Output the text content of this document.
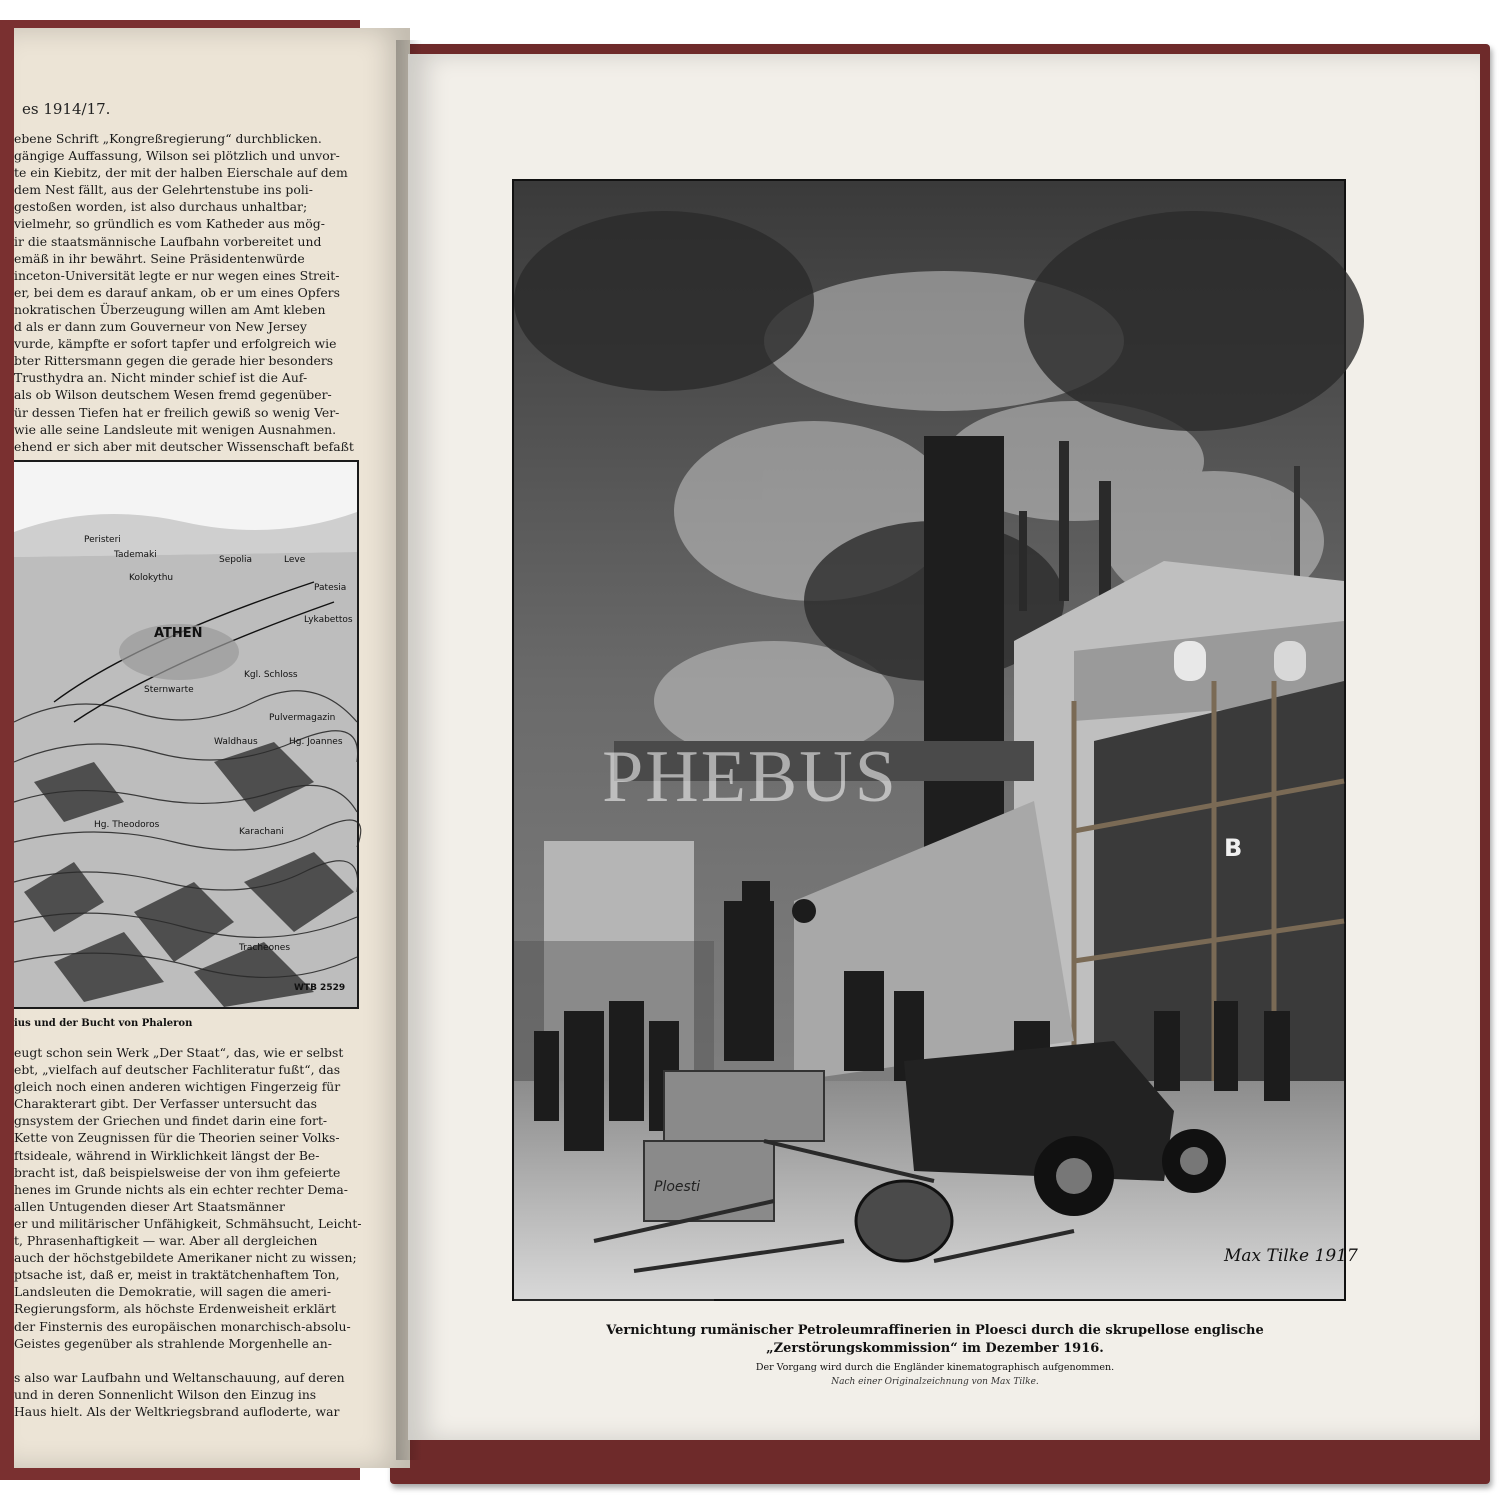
es 1914/17.

ebene Schrift „Kongreßregierung“ durchblicken.

gängige Auffassung, Wilson sei plötzlich und unvor-

te ein Kiebitz, der mit der halben Eierschale auf dem

dem Nest fällt, aus der Gelehrtenstube ins poli-

gestoßen worden, ist also durchaus unhaltbar;

vielmehr, so gründlich es vom Katheder aus mög-

ir die staatsmännische Laufbahn vorbereitet und

emäß in ihr bewährt. Seine Präsidentenwürde

inceton-Universität legte er nur wegen eines Streit-

er, bei dem es darauf ankam, ob er um eines Opfers

nokratischen Überzeugung willen am Amt kleben

d als er dann zum Gouverneur von New Jersey

vurde, kämpfte er sofort tapfer und erfolgreich wie

bter Rittersmann gegen die gerade hier besonders

Trusthydra an. Nicht minder schief ist die Auf-

als ob Wilson deutschem Wesen fremd gegenüber-

ür dessen Tiefen hat er freilich gewiß so wenig Ver-

wie alle seine Landsleute mit wenigen Ausnahmen.

ehend er sich aber mit deutscher Wissenschaft befaßt

Peristeri
Tademaki	Sepolia	Leve
Kolokythu
Patesia
ATHEN
Lykabettos
Sternwarte
Kgl. Schloss
Pulvermagazin
Waldhaus	Hg. Joannes
Hg. Theodoros
Karachani
Tracheones
WTB 2529
ius und der Bucht von Phaleron

eugt schon sein Werk „Der Staat“, das, wie er selbst

ebt, „vielfach auf deutscher Fachliteratur fußt“, das

gleich noch einen anderen wichtigen Fingerzeig für

Charakterart gibt. Der Verfasser untersucht das

gnsystem der Griechen und findet darin eine fort-

Kette von Zeugnissen für die Theorien seiner Volks-

ftsideale, während in Wirklichkeit längst der Be-

bracht ist, daß beispielsweise der von ihm gefeierte

henes im Grunde nichts als ein echter rechter Dema-

allen Untugenden dieser Art Staatsmänner

er und militärischer Unfähigkeit, Schmähsucht, Leicht-

t, Phrasenhaftigkeit — war. Aber all dergleichen

auch der höchstgebildete Amerikaner nicht zu wissen;

ptsache ist, daß er, meist in traktätchenhaftem Ton,

Landsleuten die Demokratie, will sagen die ameri-

Regierungsform, als höchste Erdenweisheit erklärt

der Finsternis des europäischen monarchisch-absolu-

Geistes gegenüber als strahlende Morgenhelle an-

s also war Laufbahn und Weltanschauung, auf deren

und in deren Sonnenlicht Wilson den Einzug ins

Haus hielt. Als der Weltkriegsbrand aufloderte, war

B
Ploesti
Max Tilke 1917
PHEBUS
Vernichtung rumänischer Petroleumraffinerien in Ploesci durch die skrupellose englische „Zerstörungskommission“ im Dezember 1916.
Der Vorgang wird durch die Engländer kinematographisch aufgenommen.
Nach einer Originalzeichnung von Max Tilke.
